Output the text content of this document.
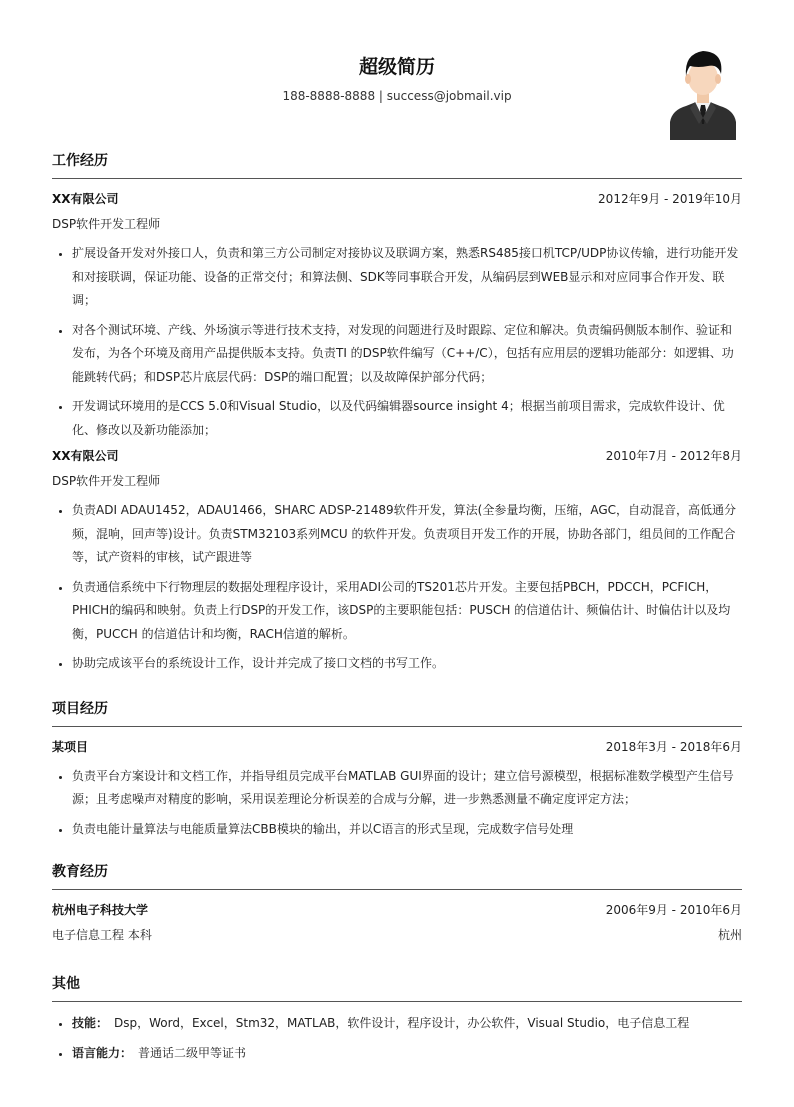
超级简历
188-8888-8888 | success@jobmail.vip
工作经历
XX有限公司	2012年9月 - 2019年10月
DSP软件开发工程师
• 扩展设备开发对外接口人，负责和第三方公司制定对接协议及联调方案，熟悉RS485接口机TCP/UDP协议传输，进行功能开发和对接联调，保证功能、设备的正常交付；和算法侧、SDK等同事联合开发，从编码层到WEB显示和对应同事合作开发、联调；
• 对各个测试环境、产线、外场演示等进行技术支持，对发现的问题进行及时跟踪、定位和解决。负责编码侧版本制作、验证和发布，为各个环境及商用产品提供版本支持。负责TI 的DSP软件编写（C++/C），包括有应用层的逻辑功能部分：如逻辑、功能跳转代码；和DSP芯片底层代码：DSP的端口配置；以及故障保护部分代码；
• 开发调试环境用的是CCS 5.0和Visual Studio，以及代码编辑器source insight 4；根据当前项目需求，完成软件设计、优化、修改以及新功能添加；
XX有限公司	2010年7月 - 2012年8月
DSP软件开发工程师
• 负责ADI ADAU1452，ADAU1466，SHARC ADSP-21489软件开发，算法(全参量均衡，压缩，AGC，自动混音，高低通分频，混响，回声等)设计。负责STM32103系列MCU 的软件开发。负责项目开发工作的开展，协助各部门，组员间的工作配合等，试产资料的审核，试产跟进等
• 负责通信系统中下行物理层的数据处理程序设计，采用ADI公司的TS201芯片开发。主要包括PBCH，PDCCH，PCFICH，PHICH的编码和映射。负责上行DSP的开发工作，该DSP的主要职能包括：PUSCH 的信道估计、频偏估计、时偏估计以及均衡，PUCCH 的信道估计和均衡，RACH信道的解析。
• 协助完成该平台的系统设计工作，设计并完成了接口文档的书写工作。
项目经历
某项目	2018年3月 - 2018年6月
• 负责平台方案设计和文档工作，并指导组员完成平台MATLAB GUI界面的设计；建立信号源模型，根据标准数学模型产生信号源；且考虑噪声对精度的影响，采用误差理论分析误差的合成与分解，进一步熟悉测量不确定度评定方法；
• 负责电能计量算法与电能质量算法CBB模块的输出，并以C语言的形式呈现，完成数字信号处理
教育经历
杭州电子科技大学	2006年9月 - 2010年6月
电子信息工程 本科	杭州
其他
• 技能： Dsp，Word，Excel，Stm32，MATLAB，软件设计，程序设计，办公软件，Visual Studio，电子信息工程
• 语言能力： 普通话二级甲等证书
